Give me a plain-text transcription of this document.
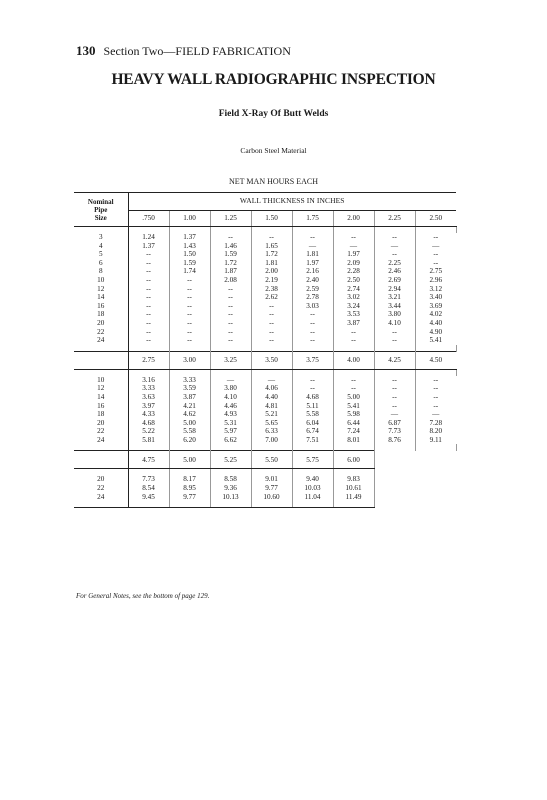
130 Section Two—FIELD FABRICATION
HEAVY WALL RADIOGRAPHIC INSPECTION
Field X-Ray Of Butt Welds
Carbon Steel Material
NET MAN HOURS EACH
Nominal
Pipe
Size	WALL THICKNESS IN INCHES							
	.750	1.00	1.25	1.50	1.75	2.00	2.25	2.50

3	1.24	1.37	--	--	--	--	--	--
4	1.37	1.43	1.46	1.65	—	—	—	—
5	--	1.50	1.59	1.72	1.81	1.97	--	--
6	--	1.59	1.72	1.81	1.97	2.09	2.25	--
8	--	1.74	1.87	2.00	2.16	2.28	2.46	2.75
10	--	--	2.08	2.19	2.40	2.50	2.69	2.96
12	--	--	--	2.38	2.59	2.74	2.94	3.12
14	--	--	--	2.62	2.78	3.02	3.21	3.40
16	--	--	--	--	3.03	3.24	3.44	3.69
18	--	--	--	--	--	3.53	3.80	4.02
20	--	--	--	--	--	3.87	4.10	4.40
22	--	--	--	--	--	--	--	4.90
24	--	--	--	--	--	--	--	5.41

	2.75	3.00	3.25	3.50	3.75	4.00	4.25	4.50

10	3.16	3.33	—	—	--	--	--	--
12	3.33	3.59	3.80	4.06	--	--	--	--
14	3.63	3.87	4.10	4.40	4.68	5.00	--	--
16	3.97	4.21	4.46	4.81	5.11	5.41	--	--
18	4.33	4.62	4.93	5.21	5.58	5.98	—	—
20	4.68	5.00	5.31	5.65	6.04	6.44	6.87	7.28
22	5.22	5.58	5.97	6.33	6.74	7.24	7.73	8.20
24	5.81	6.20	6.62	7.00	7.51	8.01	8.76	9.11

	4.75	5.00	5.25	5.50	5.75	6.00		

20	7.73	8.17	8.58	9.01	9.40	9.83		
22	8.54	8.95	9.36	9.77	10.03	10.61		
24	9.45	9.77	10.13	10.60	11.04	11.49		

For General Notes, see the bottom of page 129.
